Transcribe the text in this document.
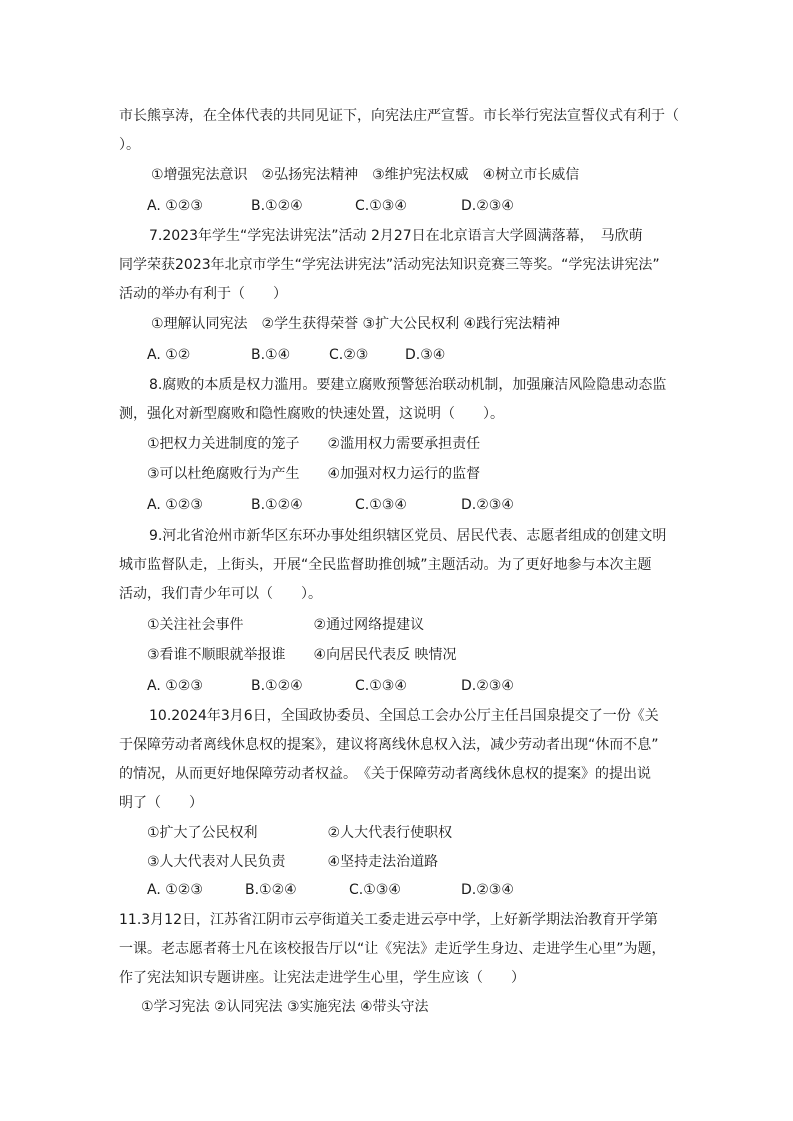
市长熊享涛，在全体代表的共同见证下，向宪法庄严宣誓。市长举行宪法宣誓仪式有利于（
）。
①增强宪法意识　②弘扬宪法精神　③维护宪法权威　④树立市长威信
A. ①②③	B.①②④	C.①③④	D.②③④
7.2023年学生“学宪法讲宪法”活动 2月27日在北京语言大学圆满落幕，　马欣萌
同学荣获2023年北京市学生“学宪法讲宪法”活动宪法知识竞赛三等奖。“学宪法讲宪法”
活动的举办有利于（　　）
①理解认同宪法　②学生获得荣誉 ③扩大公民权利 ④践行宪法精神
A. ①②	B.①④	C.②③	D.③④
8.腐败的本质是权力滥用。要建立腐败预警惩治联动机制，加强廉洁风险隐患动态监
测，强化对新型腐败和隐性腐败的快速处置，这说明（　　）。
①把权力关进制度的笼子　　②滥用权力需要承担责任
③可以杜绝腐败行为产生　　④加强对权力运行的监督
A. ①②③	B.①②④	C.①③④	D.②③④
9.河北省沧州市新华区东环办事处组织辖区党员、居民代表、志愿者组成的创建文明
城市监督队走，上街头，开展“全民监督助推创城”主题活动。为了更好地参与本次主题
活动，我们青少年可以（　　）。
①关注社会事件　　　　　②通过网络提建议
③看谁不顺眼就举报谁　　④向居民代表反 映情况
A. ①②③	B.①②④	C.①③④	D.②③④
10.2024年3月6日，全国政协委员、全国总工会办公厅主任吕国泉提交了一份《关
于保障劳动者离线休息权的提案》，建议将离线休息权入法，减少劳动者出现“休而不息”
的情况，从而更好地保障劳动者权益。　《关于保障劳动者离线休息权的提案》的提出说
明了（　　）
①扩大了公民权利　　　　　②人大代表行使职权
③人大代表对人民负责　　　④坚持走法治道路
A. ①②③	B.①②④	C.①③④	D.②③④
11.3月12日，江苏省江阴市云亭街道关工委走进云亭中学，上好新学期法治教育开学第
一课。老志愿者蒋士凡在该校报告厅以“让《宪法》走近学生身边、走进学生心里”为题，
作了宪法知识专题讲座。让宪法走进学生心里，学生应该（　　）
①学习宪法 ②认同宪法 ③实施宪法 ④带头守法
